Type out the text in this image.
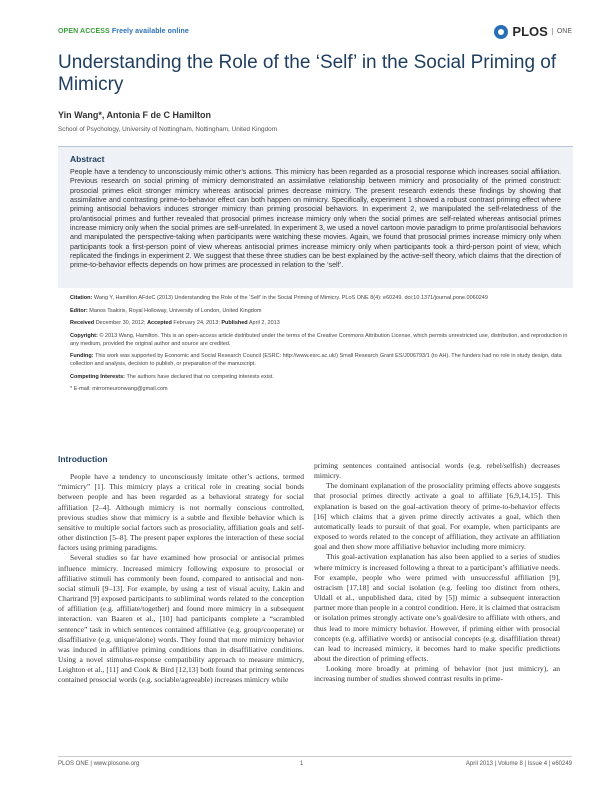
OPEN ACCESS Freely available online	PLOS	ONE
Understanding the Role of the ‘Self’ in the Social Priming of Mimicry
Yin Wang*, Antonia F de C Hamilton
School of Psychology, University of Nottingham, Nottingham, United Kingdom
Abstract
People have a tendency to unconsciously mimic other’s actions. This mimicry has been regarded as a prosocial response which increases social affiliation. Previous research on social priming of mimicry demonstrated an assimilative relationship between mimicry and prosociality of the primed construct: prosocial primes elicit stronger mimicry whereas antisocial primes decrease mimicry. The present research extends these findings by showing that assimilative and contrasting prime-to-behavior effect can both happen on mimicry. Specifically, experiment 1 showed a robust contrast priming effect where priming antisocial behaviors induces stronger mimicry than priming prosocial behaviors. In experiment 2, we manipulated the self-relatedness of the pro/antisocial primes and further revealed that prosocial primes increase mimicry only when the social primes are self-related whereas antisocial primes increase mimicry only when the social primes are self-unrelated. In experiment 3, we used a novel cartoon movie paradigm to prime pro/antisocial behaviors and manipulated the perspective-taking when participants were watching these movies. Again, we found that prosocial primes increase mimicry only when participants took a first-person point of view whereas antisocial primes increase mimicry only when participants took a third-person point of view, which replicated the findings in experiment 2. We suggest that these three studies can be best explained by the active-self theory, which claims that the direction of prime-to-behavior effects depends on how primes are processed in relation to the ‘self’.

Citation: Wang Y, Hamilton AFdeC (2013) Understanding the Role of the ‘Self’ in the Social Priming of Mimicry. PLoS ONE 8(4): e60249. doi:10.1371/journal.pone.0060249

Editor: Manos Tsakiris, Royal Holloway, University of London, United Kingdom

Received December 30, 2012; Accepted February 24, 2013; Published April 2, 2013

Copyright: © 2013 Wang, Hamilton. This is an open-access article distributed under the terms of the Creative Commons Attribution License, which permits unrestricted use, distribution, and reproduction in any medium, provided the original author and source are credited.

Funding: This work was supported by Economic and Social Research Council (ESRC: http://www.esrc.ac.uk/) Small Research Grant ES/J006793/1 (to AH). The funders had no role in study design, data collection and analysis, decision to publish, or preparation of the manuscript.

Competing Interests: The authors have declared that no competing interests exist.

* E-mail: mirrorneuronwang@gmail.com

Introduction

People have a tendency to unconsciously imitate other’s actions, termed “mimicry” [1]. This mimicry plays a critical role in creating social bonds between people and has been regarded as a behavioral strategy for social affiliation [2–4]. Although mimicry is not normally conscious controlled, previous studies show that mimicry is a subtle and flexible behavior which is sensitive to multiple social factors such as prosociality, affiliation goals and self-other distinction [5–8]. The present paper explores the interaction of these social factors using priming paradigms.

Several studies so far have examined how prosocial or antisocial primes influence mimicry. Increased mimicry following exposure to prosocial or affiliative stimuli has commonly been found, compared to antisocial and non-social stimuli [9–13]. For example, by using a test of visual acuity, Lakin and Chartrand [9] exposed participants to subliminal words related to the conception of affiliation (e.g. affiliate/together) and found more mimicry in a subsequent interaction. van Baaren et al., [10] had participants complete a “scrambled sentence” task in which sentences contained affiliative (e.g. group/cooperate) or disaffiliative (e.g. unique/alone) words. They found that more mimicry behavior was induced in affiliative priming conditions than in disaffiliative conditions. Using a novel stimulus-response compatibility approach to measure mimicry, Leighton et al., [11] and Cook & Bird [12,13] both found that priming sentences contained prosocial words (e.g. sociable/agreeable) increases mimicry while

priming sentences contained antisocial words (e.g. rebel/selfish) decreases mimicry.

The dominant explanation of the prosociality priming effects above suggests that prosocial primes directly activate a goal to affiliate [6,9,14,15]. This explanation is based on the goal-activation theory of prime-to-behavior effects [16] which claims that a given prime directly activates a goal, which then automatically leads to pursuit of that goal. For example, when participants are exposed to words related to the concept of affiliation, they activate an affiliation goal and then show more affiliative behavior including more mimicry.

This goal-activation explanation has also been applied to a series of studies where mimicry is increased following a threat to a participant’s affiliative needs. For example, people who were primed with unsuccessful affiliation [9], ostracism [17,18] and social isolation (e.g. feeling too distinct from others, Uldall et al., unpublished data, cited by [5]) mimic a subsequent interaction partner more than people in a control condition. Here, it is claimed that ostracism or isolation primes strongly activate one’s goal/desire to affiliate with others, and thus lead to more mimicry behavior. However, if priming either with prosocial concepts (e.g. affiliative words) or antisocial concepts (e.g. disaffiliation threat) can lead to increased mimicry, it becomes hard to make specific predictions about the direction of priming effects.

Looking more broadly at priming of behavior (not just mimicry), an increasing number of studies showed contrast results in prime-

PLOS ONE | www.plosone.org	1	April 2013 | Volume 8 | Issue 4 | e60249
